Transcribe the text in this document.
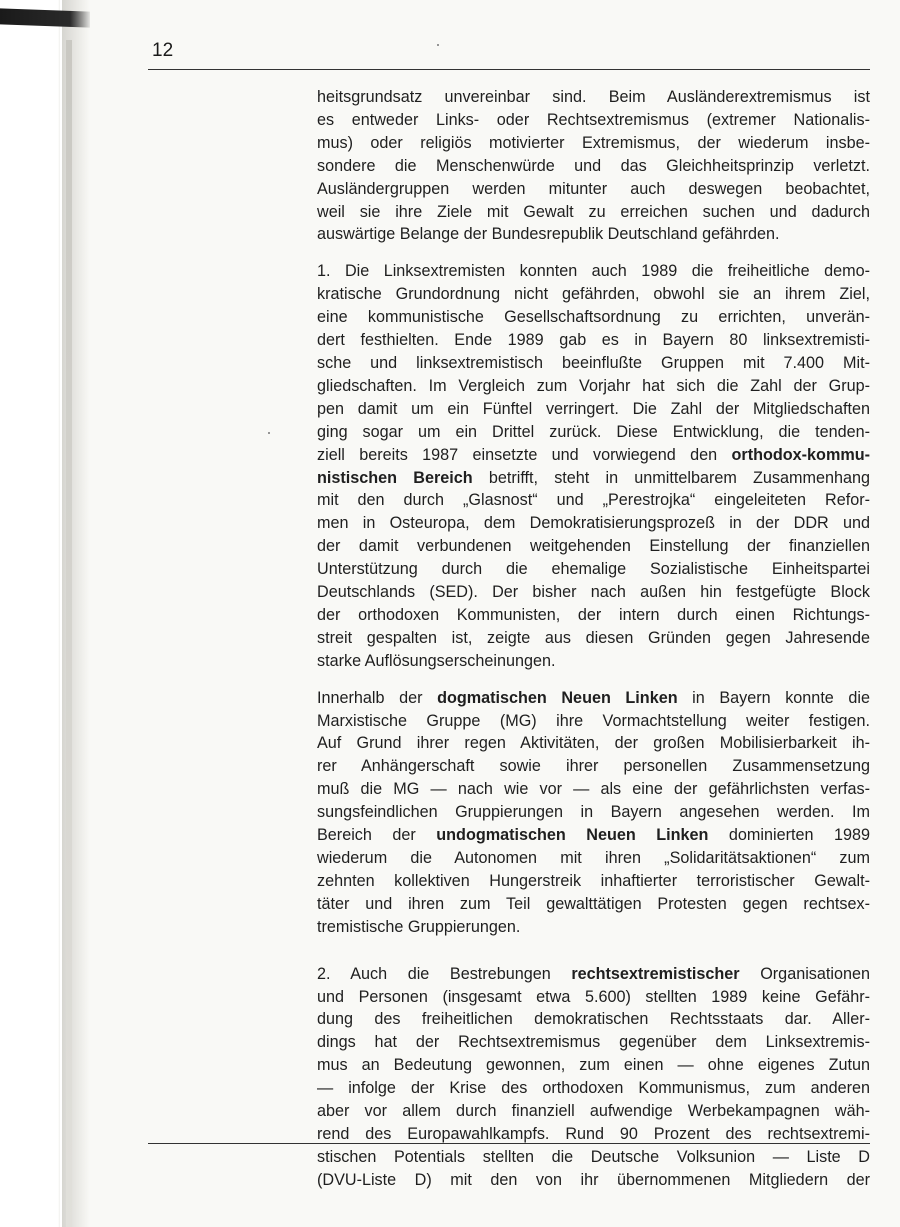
12

heitsgrundsatz unvereinbar sind. Beim Ausländerextremismus ist
es entweder Links- oder Rechtsextremismus (extremer Nationalis-
mus) oder religiös motivierter Extremismus, der wiederum insbe-
sondere die Menschenwürde und das Gleichheitsprinzip verletzt.
Ausländergruppen werden mitunter auch deswegen beobachtet,
weil sie ihre Ziele mit Gewalt zu erreichen suchen und dadurch
auswärtige Belange der Bundesrepublik Deutschland gefährden.

1. Die Linksextremisten konnten auch 1989 die freiheitliche demo-
kratische Grundordnung nicht gefährden, obwohl sie an ihrem Ziel,
eine kommunistische Gesellschaftsordnung zu errichten, unverän-
dert festhielten. Ende 1989 gab es in Bayern 80 linksextremisti-
sche und linksextremistisch beeinflußte Gruppen mit 7.400 Mit-
gliedschaften. Im Vergleich zum Vorjahr hat sich die Zahl der Grup-
pen damit um ein Fünftel verringert. Die Zahl der Mitgliedschaften
ging sogar um ein Drittel zurück. Diese Entwicklung, die tenden-
ziell bereits 1987 einsetzte und vorwiegend den orthodox-kommu-
nistischen Bereich betrifft, steht in unmittelbarem Zusammenhang
mit den durch „Glasnost“ und „Perestrojka“ eingeleiteten Refor-
men in Osteuropa, dem Demokratisierungsprozeß in der DDR und
der damit verbundenen weitgehenden Einstellung der finanziellen
Unterstützung durch die ehemalige Sozialistische Einheitspartei
Deutschlands (SED). Der bisher nach außen hin festgefügte Block
der orthodoxen Kommunisten, der intern durch einen Richtungs-
streit gespalten ist, zeigte aus diesen Gründen gegen Jahresende
starke Auflösungserscheinungen.

Innerhalb der dogmatischen Neuen Linken in Bayern konnte die
Marxistische Gruppe (MG) ihre Vormachtstellung weiter festigen.
Auf Grund ihrer regen Aktivitäten, der großen Mobilisierbarkeit ih-
rer Anhängerschaft sowie ihrer personellen Zusammensetzung
muß die MG — nach wie vor — als eine der gefährlichsten verfas-
sungsfeindlichen Gruppierungen in Bayern angesehen werden. Im
Bereich der undogmatischen Neuen Linken dominierten 1989
wiederum die Autonomen mit ihren „Solidaritätsaktionen“ zum
zehnten kollektiven Hungerstreik inhaftierter terroristischer Gewalt-
täter und ihren zum Teil gewalttätigen Protesten gegen rechtsex-
tremistische Gruppierungen.

2. Auch die Bestrebungen rechtsextremistischer Organisationen
und Personen (insgesamt etwa 5.600) stellten 1989 keine Gefähr-
dung des freiheitlichen demokratischen Rechtsstaats dar. Aller-
dings hat der Rechtsextremismus gegenüber dem Linksextremis-
mus an Bedeutung gewonnen, zum einen — ohne eigenes Zutun
— infolge der Krise des orthodoxen Kommunismus, zum anderen
aber vor allem durch finanziell aufwendige Werbekampagnen wäh-
rend des Europawahlkampfs. Rund 90 Prozent des rechtsextremi-
stischen Potentials stellten die Deutsche Volksunion — Liste D
(DVU-Liste D) mit den von ihr übernommenen Mitgliedern der
